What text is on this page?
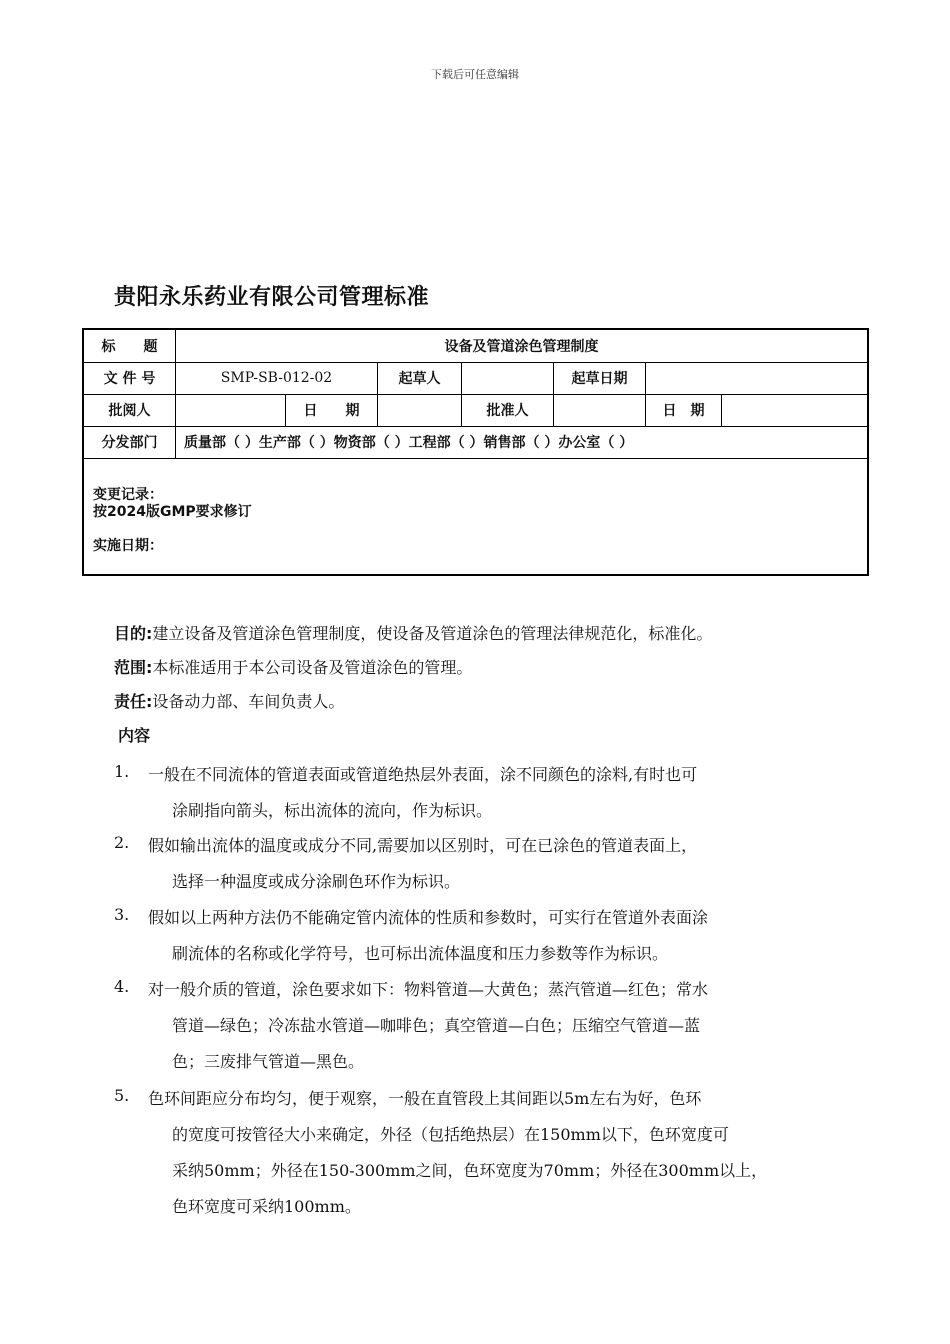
下载后可任意编辑
贵阳永乐药业有限公司管理标准
标　　题	设备及管道涂色管理制度
文 件 号	SMP-SB-012-02	起草人	起草日期
批阅人	日　　期	批准人	日　期
分发部门	质量部（ ）生产部（ ）物资部（ ）工程部（ ）销售部（ ）办公室（ ）
变更记录：
按2024版GMP要求修订
实施日期：
目的:建立设备及管道涂色管理制度，使设备及管道涂色的管理法律规范化，标准化。
范围:本标准适用于本公司设备及管道涂色的管理。
责任:设备动力部、车间负责人。
内容
1. 一般在不同流体的管道表面或管道绝热层外表面，涂不同颜色的涂料,有时也可
涂刷指向箭头，标出流体的流向，作为标识。
2. 假如输出流体的温度或成分不同,需要加以区别时，可在已涂色的管道表面上，
选择一种温度或成分涂刷色环作为标识。
3. 假如以上两种方法仍不能确定管内流体的性质和参数时，可实行在管道外表面涂
刷流体的名称或化学符号，也可标出流体温度和压力参数等作为标识。
4. 对一般介质的管道，涂色要求如下：物料管道—大黄色；蒸汽管道—红色；常水
管道—绿色；冷冻盐水管道—咖啡色；真空管道—白色；压缩空气管道—蓝
色；三废排气管道—黑色。
5. 色环间距应分布均匀，便于观察，一般在直管段上其间距以5m左右为好，色环
的宽度可按管径大小来确定，外径（包括绝热层）在150mm以下，色环宽度可
采纳50mm；外径在150-300mm之间，色环宽度为70mm；外径在300mm以上，
色环宽度可采纳100mm。
